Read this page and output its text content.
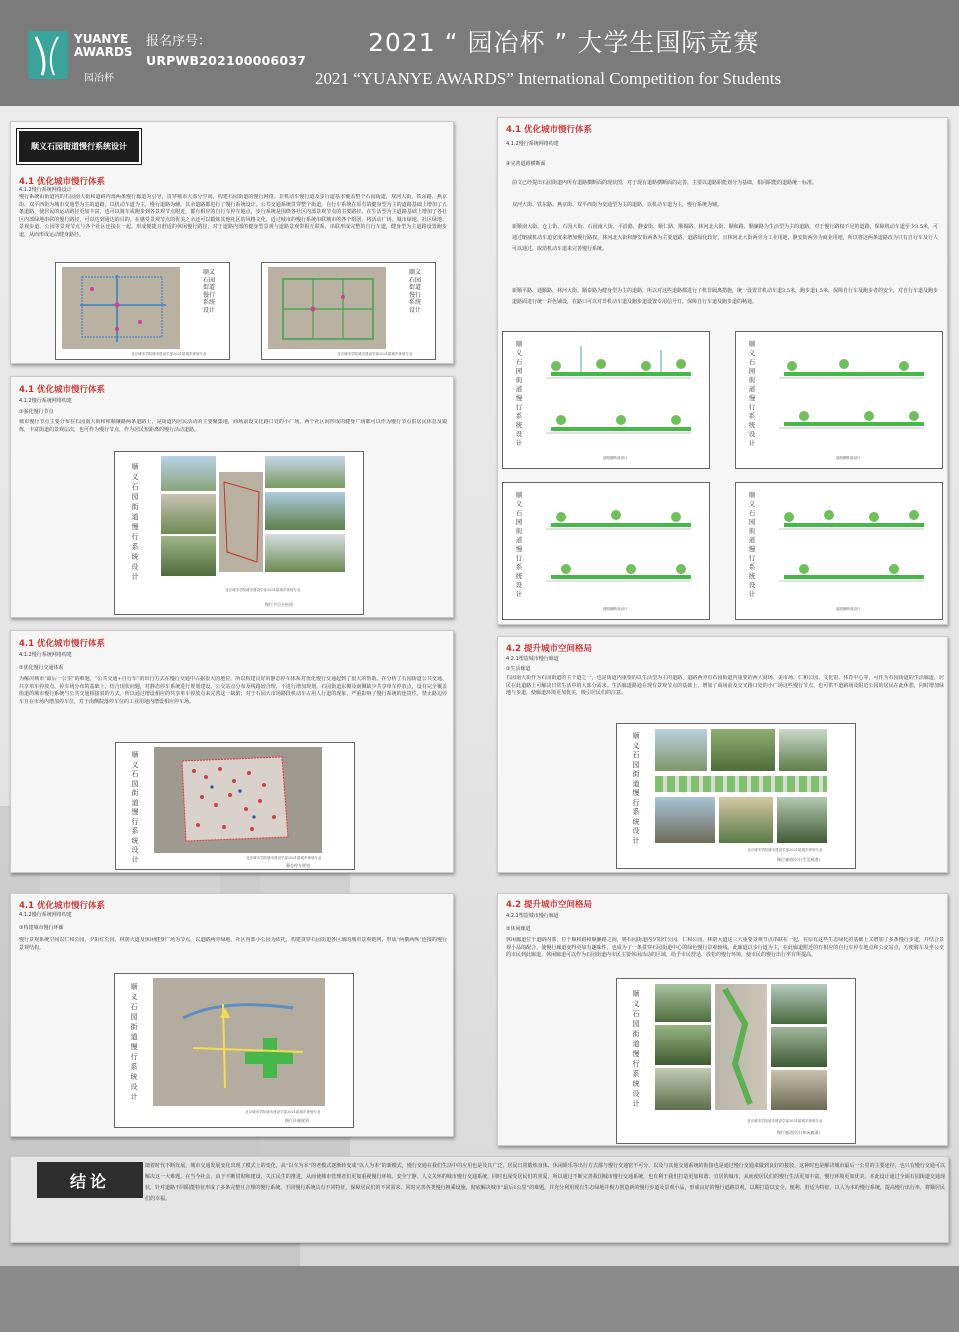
YUANYE AWARDS
园冶杯
报名序号：
URPWB202100006037
2021 “ 园冶杯 ” 大学生国际竞赛
2021 “YUANYE AWARDS” International Competition for Students
顺义石园街道慢行系统设计
4.1 优化城市慢行体系
4.1.2慢行系统网络设计
慢行系统由街道内的石园南大街和道路内部两条慢行廊道为引导，贯穿城市大部分空间，构建石园街道的慢行网络。非机动车慢行道及步行道基本覆盖整个石园街道，双河大街、铁东路、燕京街、双平西街为城市交通型为主的道路，以机动车道为主，慢行道路为辅，其余道路都进行了慢行系统设计。公共交通系统贯穿整个街道，自行车系统在原有的健身型为主的道路基础上增加了五条道路，使居民的运动路径更加丰富，也可以骑车或跑步到各景观节点附近，都有相应的自行车停车地点，步行系统是围绕各社区内部景观节点的主要路径，在生活型为主道路基础上增加了各社区内部绿地串联的慢行路径，可以达到通达的目的。在感受景观节点的优美之余还可以锻炼其他社区的风格文化。近过城市的慢行系统串联城市的各个组团，将活动广场、城市绿地、社区绿地、景观步道、公园等景观节点与各个社区连接在一起，形成便捷且舒适的休闲慢行路径，对于道路内部的健身型景观与道路景观带相互联系，串联形成完整的自行车道，健身型为主道路设置跑步道，从而形成运动健身路径。
顺义石园街道慢行系统设计
北京城市学院城市建设学部2021届城乡规划专业
顺义石园街道慢行系统设计
北京城市学院城市建设学部2021届城乡规划专业
4.1 优化城市慢行体系
4.1.2慢行系统网络构建
①强化慢行节点
城市慢行节点主要分布在石园南大街和和顺廉路两条道路上，是街道内居民活动的主要聚集地，商场前设文化路口处的小广场，两个社区间形成的健身广场都可以作为慢行节点供居民休息及锻炼，丰富街道的景观层次，也可作为慢行节点，作为居民短距离的慢行活动道路。
顺义石园街道慢行系统设计
北京城市学院城市建设学部2021届城乡规划专业
慢行节点分析图
4.1 优化城市慢行体系
4.1.2慢行系统网络构建
②优化慢行交通体系
为解决城市“最后一公里”的难题，“公共交通+自行车”的出行方式在慢行交通中占据很大的地位，所以构建良好的静态停车体系对优化慢行交通起到了很大的帮助。在分析了石园街道公共交通、共享单车停放点、停车场分布的基础上，结合现状问题，对静态停车系统进行规划建设。公交站点分布及线路较合理，不进行增加规划，石园街道东侧及南侧缺少共享单车停放点，设有完全覆盖街道的城市慢行系统与公共交通相接驳的方式，所以通过增设相应的共享单车停放点来完善这一缺陷；对于石园大市场路段机动车占用人行道的现象，严重影响了慢行系统的连贯性，禁止路边停车且在市场内增加停车位，对于南侧院落停车位的工业用地内增设相应停车场。
顺义石园街道慢行系统设计	北京城市学院城市建设学部2021届城乡规划专业
静态停车规划
4.1 优化城市慢行体系
4.1.2慢行系统网络构建
③构建城市慢行环廊
慢行景观系统空间以仁和公园、夕阳红公园、林荫大道及休闲健身广场为节点，以道路两旁绿地、社区内部小公园为依托，构建贯穿石园街道各区域的城市景观链网，形成“两横两纵”连接的慢行景观结构。
顺义石园街道慢行系统设计
北京城市学院城市建设学部2021届城乡规划专业
慢行环廊规划
4.1 优化城市慢行体系
4.1.2慢行系统网络构建
④完善道路横断面
前文已经提出石园街道内所有道路横断面的现状图，对于现有道路横断面的完善，主要以道路职能划分为基础，相同职能的道路统一标准。
双河大街、铁东路、燕京街、双平西街为交通型为主的道路，以机动车道为主，慢行系统为辅。
新顺南大街、仓上街、石园大街、石园南大街、平沿路、静安街、顺仁路、顺揭路、林河北大街、顺和路、顺廉路为生活型为主的道路，对于慢行路权不足的道路，保障机动车道至少3.5米，可通过缩减机动车道宽度来增加慢行路权，林河北大街和静安街两条为主要道路，道路绿化较好，且林河北大街两旁为工业用地，静安街两旁为商业用地，所以将这两条道路改为只有自行车及行人可以通过，取消机动车道来完善慢行系统。
新顺平路、通顺路、林河大街、顺泰路为健身型为主的道路，所以对这些道路都进行了机非隔离措施，统一设置非机动车道3.5米，跑步道1.5米，保障自行车及跑步者的安全，对自行车道及跑步道路面进行统一彩色铺设，在路口可以对非机动车道及跑步道设置专用信号灯，保障自行车道及跑步道的畅通。
顺义石园街道慢行系统设计
道路横断面设计
顺义石园街道慢行系统设计
道路横断面设计
顺义石园街道慢行系统设计
道路横断面设计
顺义石园街道慢行系统设计
道路横断面设计
4.2 提升城市空间格局
4.2.1塑造城市慢行廊道
①生活廊道
石园南大街作为石园街道的主干道之一，也是街道内重要的以生活型为主的道路，道路两旁有石园街道内重要的两大商场、美市场、仁和公园、文化馆、休育中心等，可作为石园街道的生活廊道，居民在此道路上可解决日常生活中的大部分需求。生活廊道路通在现有景观节点的基础上，增加了商场前及交叉路口处的小广场这些慢行节点，也可供不道路场及附近公园的居民在此休憩，同时增加绿地与步道，使廊道环境更加优美，吸引居民们的注意。
顺义石园街道慢行系统设计
北京城市学院城市建设学部2021届城乡规划专业
慢行廊道设计(生活廊道)
4.2 提升城市空间格局
4.2.1塑造城市慢行廊道
②休闲廊道
休闲廊道位于道路内部，位于顺和路和顺廉路之间，将石园街道内夕阳红公园、仁和公园、林荫大道这三大重要景观节点串联在一起，在原有这些生态绿化的基础上又增加了多条慢行步道，并结合景观小品的配合，使慢行廊道变得更加有趣味性，也成为了一条贯穿石园街道中心的绿色慢行景观轴线。此廊道以步行道为主，在此廊道附近的有相应的自行车停车地点和公交站点，方便骑车及坐公交的市民到此廊道。休闲廊道可以作为石园街道内市民主要休闲活动的区域，给予市民舒适、放松的慢行环境，使市民的慢行出行率有所提高。
顺义石园街道慢行系统设计
北京城市学院城市建设学部2021届城乡规划专业
慢行廊道设计(休闲廊道)
随着时代不断发展，城市交通发展变化出现了模式上的变化，从“以车为本”的老模式逐渐转变成“以人为本”的新模式，慢行交通在我们生活中的应用也是及其广泛，居民日常锻炼身体、休闲娱乐等出行方式都与慢行交通密不可分，以及与其他交通系统的衔接也是通过慢行交通来做到良好的接驳，这种时也是解决城市最后一公里的主要途径，也只有慢行交通可以解决这一大难题。在当今社会，由于不断贯彻和建设、关注民生的推进，从而使城市管理者们更加重视慢行环境、安全宁静、人文关怀的城市慢行交通系统，同时也深受居民们的喜爱，所以通过不断完善我国城市慢行交通系统，也有利于我们打造更加和谐、宜居的城市，从而使居民们的慢行生活更加丰富，慢行环境更加优美。本此设计通过全面石园街道交通现状，针对道路不同职能特征形成了多条完整且合理的慢行系统，不同慢行系统具有不同特征，保障居民们的不同需求，同时完善各类慢行换乘设施，彻底解决城市“最后1公里”的难题，并充分利用现有生态绿地并极力创造新的慢行步道及景观小品，形成良好的慢行道路景观，以期打造以安全、便利、舒适为特征，以人为本的慢行系统，提高慢行出行率，将顺居民们的幸福。
结论
